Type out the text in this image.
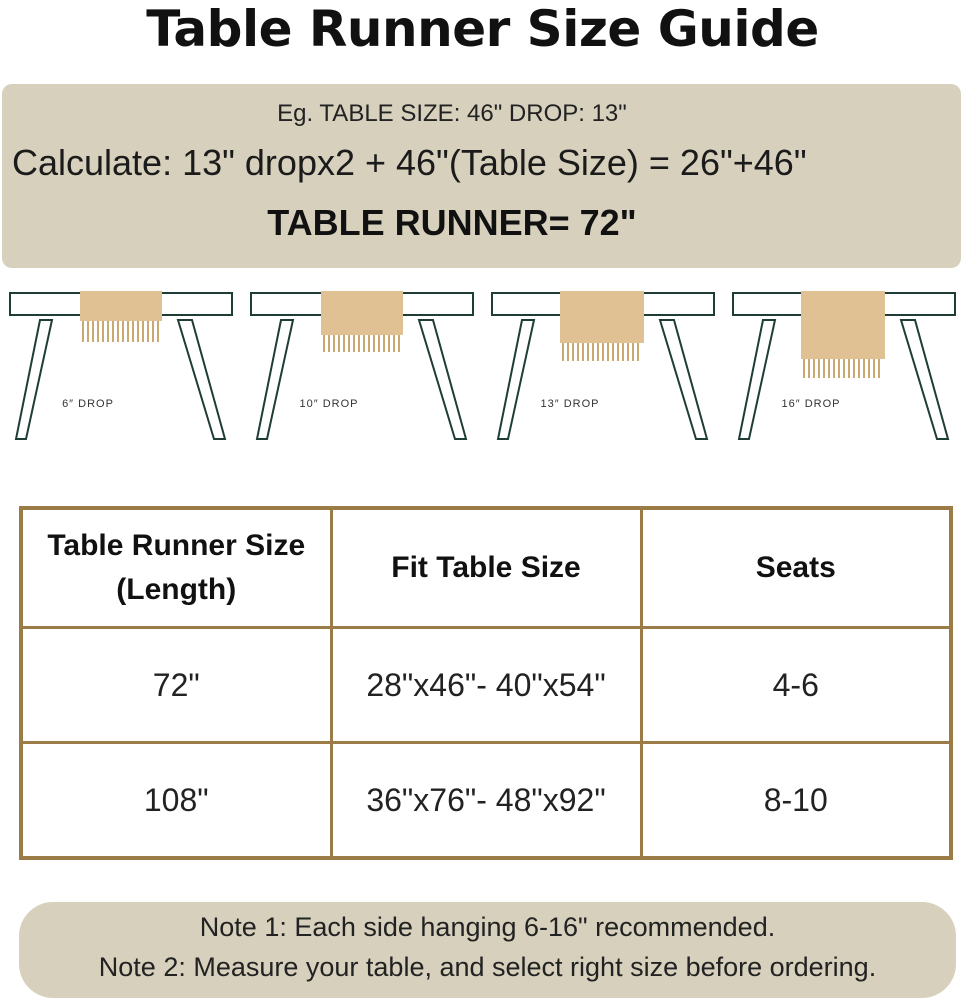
Table Runner Size Guide
Eg. TABLE SIZE: 46" DROP: 13"
Calculate: 13" dropx2 + 46"(Table Size) = 26"+46"
TABLE RUNNER= 72"
6″ DROP	10″ DROP	13″ DROP	16″ DROP
Table Runner Size (Length)	Fit Table Size	Seats
72"	28"x46"- 40"x54"	4-6
108"	36"x76"- 48"x92"	8-10
Note 1: Each side hanging 6-16" recommended.
Note 2: Measure your table, and select right size before ordering.
